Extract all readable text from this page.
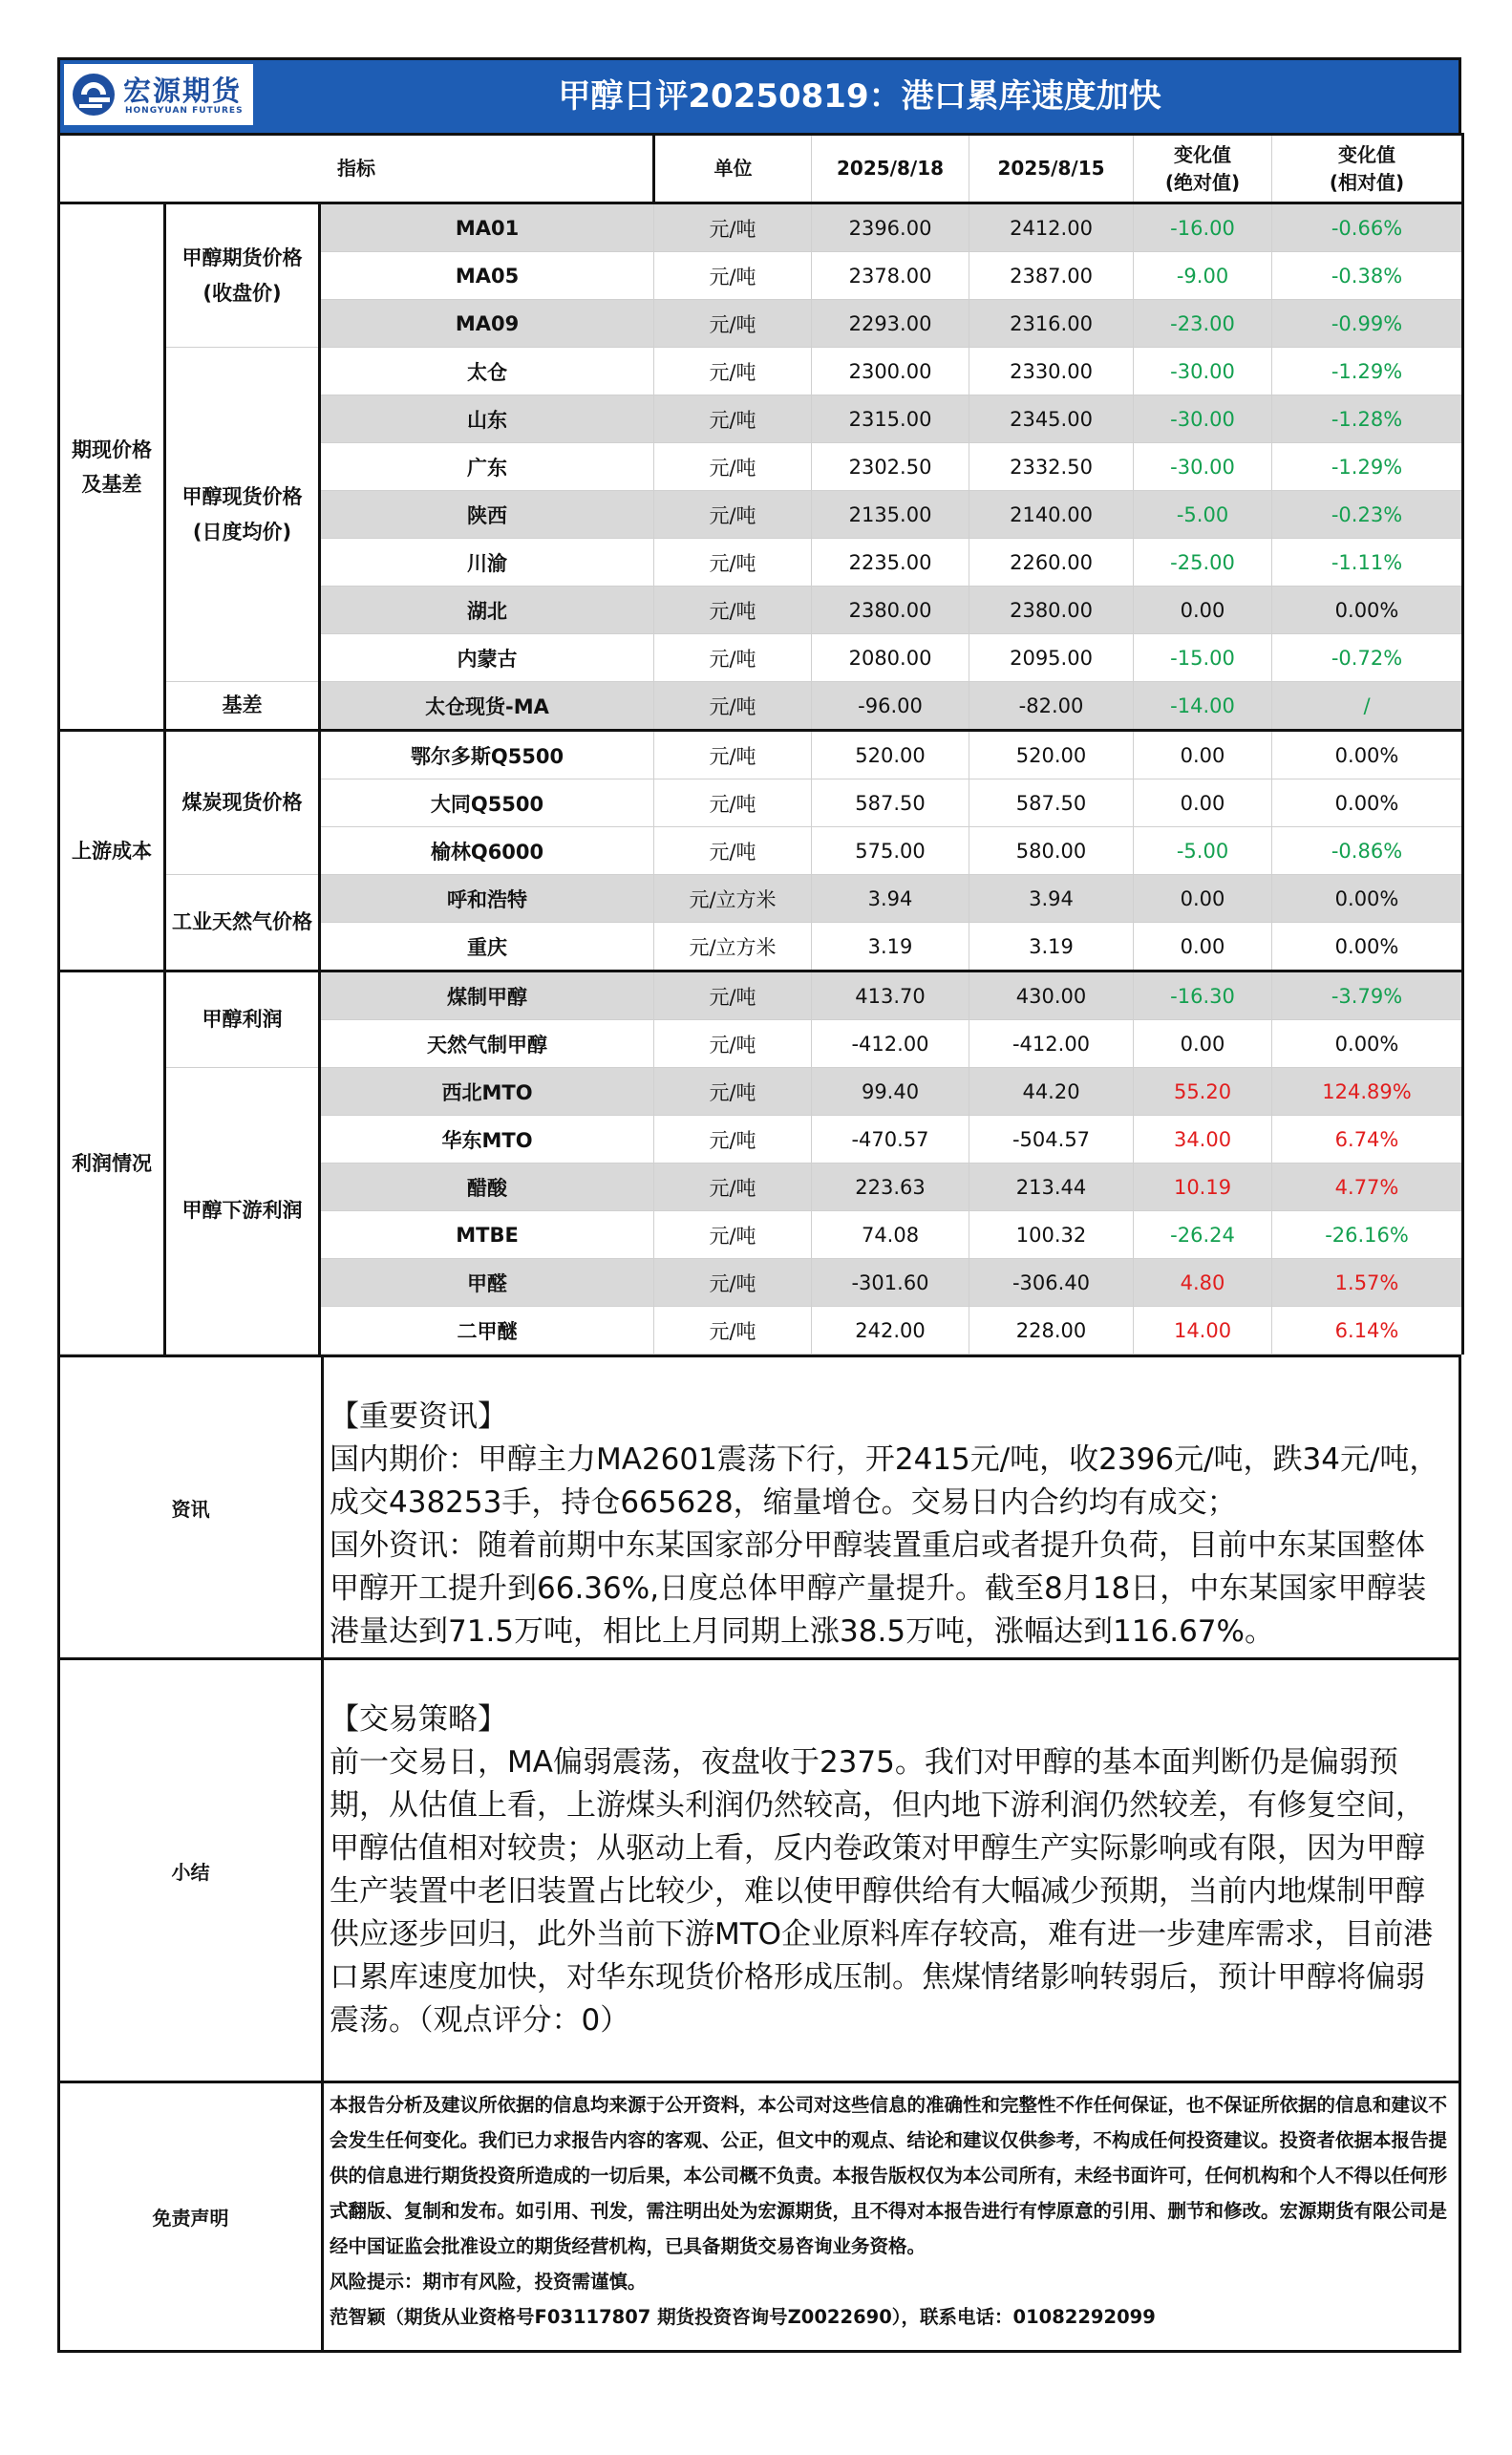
宏源期货
HONGYUAN FUTURES	甲醇日评20250819：港口累库速度加快
指标			单位	2025/8/18	2025/8/15	变化值
(绝对值)	变化值
(相对值)
期现价格
及基差	甲醇期货价格
(收盘价)	MA01	元/吨	2396.00	2412.00	-16.00	-0.66%
		MA05	元/吨	2378.00	2387.00	-9.00	-0.38%
		MA09	元/吨	2293.00	2316.00	-23.00	-0.99%
	甲醇现货价格
(日度均价)	太仓	元/吨	2300.00	2330.00	-30.00	-1.29%
		山东	元/吨	2315.00	2345.00	-30.00	-1.28%
		广东	元/吨	2302.50	2332.50	-30.00	-1.29%
		陕西	元/吨	2135.00	2140.00	-5.00	-0.23%
		川渝	元/吨	2235.00	2260.00	-25.00	-1.11%
		湖北	元/吨	2380.00	2380.00	0.00	0.00%
		内蒙古	元/吨	2080.00	2095.00	-15.00	-0.72%
	基差	太仓现货-MA	元/吨	-96.00	-82.00	-14.00	/
上游成本	煤炭现货价格	鄂尔多斯Q5500	元/吨	520.00	520.00	0.00	0.00%
		大同Q5500	元/吨	587.50	587.50	0.00	0.00%
		榆林Q6000	元/吨	575.00	580.00	-5.00	-0.86%
	工业天然气价格	呼和浩特	元/立方米	3.94	3.94	0.00	0.00%
		重庆	元/立方米	3.19	3.19	0.00	0.00%
利润情况	甲醇利润	煤制甲醇	元/吨	413.70	430.00	-16.30	-3.79%
		天然气制甲醇	元/吨	-412.00	-412.00	0.00	0.00%
	甲醇下游利润	西北MTO	元/吨	99.40	44.20	55.20	124.89%
		华东MTO	元/吨	-470.57	-504.57	34.00	6.74%
		醋酸	元/吨	223.63	213.44	10.19	4.77%
		MTBE	元/吨	74.08	100.32	-26.24	-26.16%
		甲醛	元/吨	-301.60	-306.40	4.80	1.57%
		二甲醚	元/吨	242.00	228.00	14.00	6.14%
资讯	【重要资讯】

国内期价：甲醇主力MA2601震荡下行，开2415元/吨，收2396元/吨，跌34元/吨，成交438253手，持仓665628，缩量增仓。交易日内合约均有成交；

国外资讯：随着前期中东某国家部分甲醇装置重启或者提升负荷，目前中东某国整体甲醇开工提升到66.36%,日度总体甲醇产量提升。截至8月18日，中东某国家甲醇装港量达到71.5万吨，相比上月同期上涨38.5万吨，涨幅达到116.67%。

小结	【交易策略】

前一交易日，MA偏弱震荡，夜盘收于2375。我们对甲醇的基本面判断仍是偏弱预期，从估值上看，上游煤头利润仍然较高，但内地下游利润仍然较差，有修复空间，甲醇估值相对较贵；从驱动上看，反内卷政策对甲醇生产实际影响或有限，因为甲醇生产装置中老旧装置占比较少，难以使甲醇供给有大幅减少预期，当前内地煤制甲醇供应逐步回归，此外当前下游MTO企业原料库存较高，难有进一步建库需求，目前港口累库速度加快，对华东现货价格形成压制。焦煤情绪影响转弱后，预计甲醇将偏弱震荡。（观点评分：0）

免责声明	本报告分析及建议所依据的信息均来源于公开资料，本公司对这些信息的准确性和完整性不作任何保证，也不保证所依据的信息和建议不会发生任何变化。我们已力求报告内容的客观、公正，但文中的观点、结论和建议仅供参考，不构成任何投资建议。投资者依据本报告提供的信息进行期货投资所造成的一切后果，本公司概不负责。本报告版权仅为本公司所有，未经书面许可，任何机构和个人不得以任何形式翻版、复制和发布。如引用、刊发，需注明出处为宏源期货，且不得对本报告进行有悖原意的引用、删节和修改。宏源期货有限公司是经中国证监会批准设立的期货经营机构，已具备期货交易咨询业务资格。

风险提示：期市有风险，投资需谨慎。

范智颖（期货从业资格号F03117807 期货投资咨询号Z0022690），联系电话：01082292099
